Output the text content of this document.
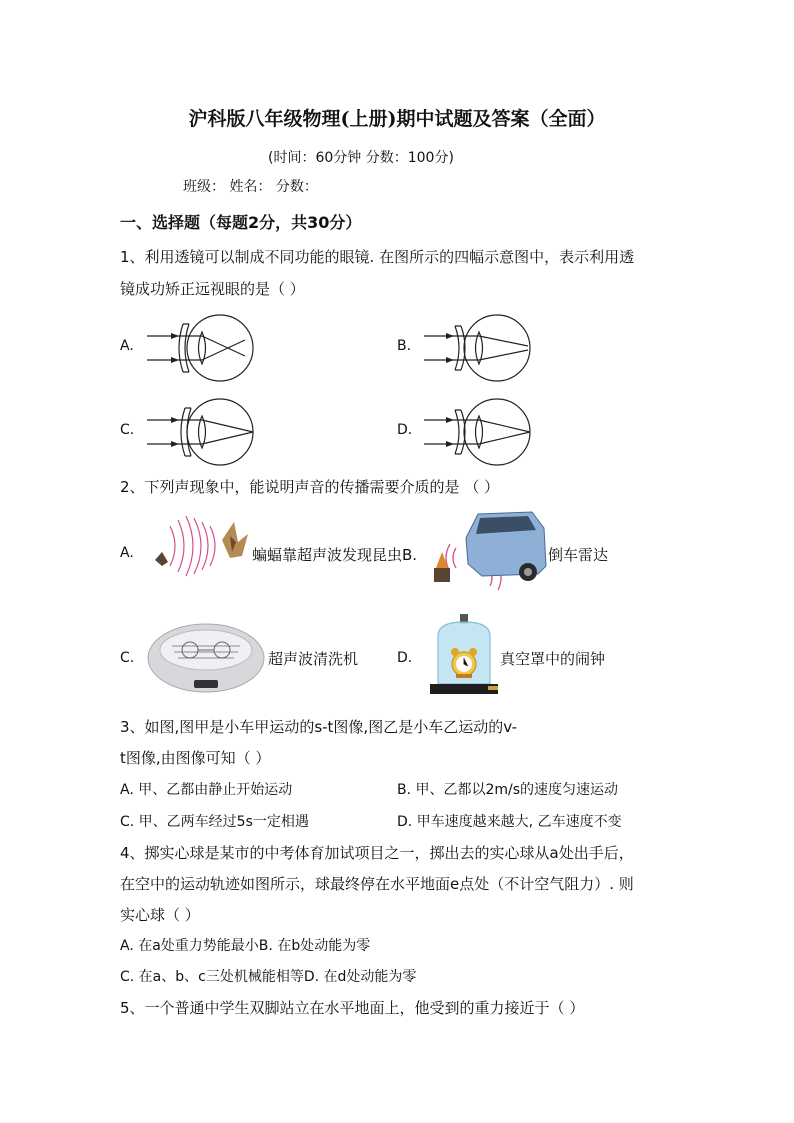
沪科版八年级物理(上册)期中试题及答案（全面）
(时间：60分钟 分数：100分)
班级： 姓名： 分数：
一、选择题（每题2分，共30分）
1、利用透镜可以制成不同功能的眼镜. 在图所示的四幅示意图中，表示利用透
镜成功矫正远视眼的是（ ）
A.	B.
C.	D.
2、下列声现象中，能说明声音的传播需要介质的是 （ ）
A.	蝙蝠靠超声波发现昆虫B.	倒车雷达
C.	超声波清洗机	D.	真空罩中的闹钟
3、如图,图甲是小车甲运动的s-t图像,图乙是小车乙运动的v-
t图像,由图像可知（ ）
A. 甲、乙都由静止开始运动	B. 甲、乙都以2m/s的速度匀速运动
C. 甲、乙两车经过5s一定相遇	D. 甲车速度越来越大, 乙车速度不变
4、掷实心球是某市的中考体育加试项目之一，掷出去的实心球从a处出手后，
在空中的运动轨迹如图所示，球最终停在水平地面e点处（不计空气阻力）. 则
实心球（ ）
A. 在a处重力势能最小B. 在b处动能为零
C. 在a、b、c三处机械能相等D. 在d处动能为零
5、一个普通中学生双脚站立在水平地面上，他受到的重力接近于（ ）
